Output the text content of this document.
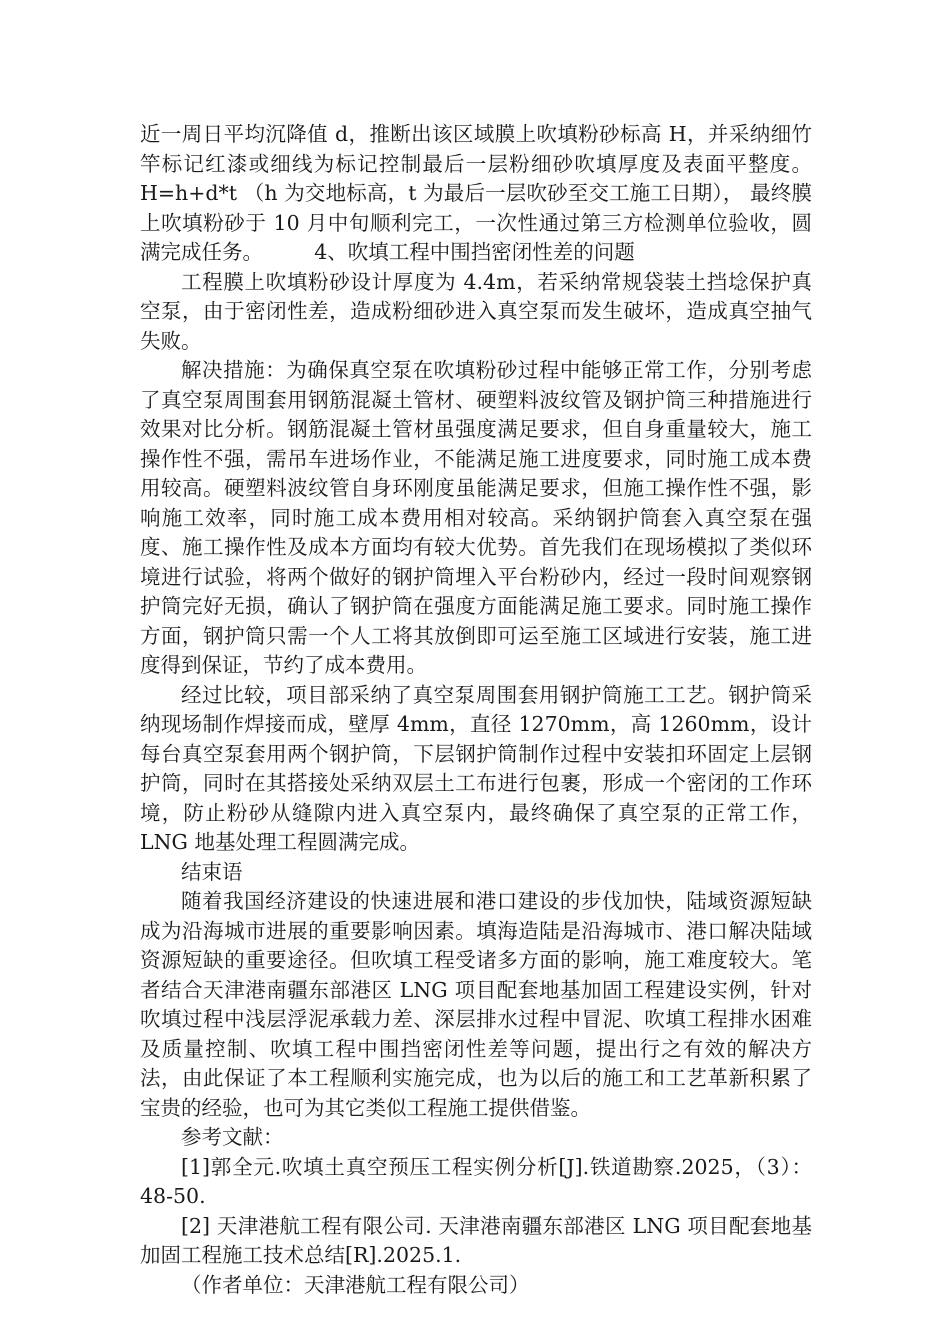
近一周日平均沉降值 d，推断出该区域膜上吹填粉砂标高 H，并采纳细竹竿标记红漆或细线为标记控制最后一层粉细砂吹填厚度及表面平整度。 H=h+d*t （h 为交地标高，t 为最后一层吹砂至交工施工日期）， 最终膜上吹填粉砂于 10 月中旬顺利完工，一次性通过第三方检测单位验收，圆满完成任务。　　　4、吹填工程中围挡密闭性差的问题

工程膜上吹填粉砂设计厚度为 4.4m，若采纳常规袋装土挡埝保护真空泵，由于密闭性差，造成粉细砂进入真空泵而发生破坏，造成真空抽气失败。

解决措施：为确保真空泵在吹填粉砂过程中能够正常工作，分别考虑了真空泵周围套用钢筋混凝土管材、硬塑料波纹管及钢护筒三种措施进行效果对比分析。钢筋混凝土管材虽强度满足要求，但自身重量较大，施工操作性不强，需吊车进场作业，不能满足施工进度要求，同时施工成本费用较高。硬塑料波纹管自身环刚度虽能满足要求，但施工操作性不强，影响施工效率，同时施工成本费用相对较高。采纳钢护筒套入真空泵在强度、施工操作性及成本方面均有较大优势。首先我们在现场模拟了类似环境进行试验，将两个做好的钢护筒埋入平台粉砂内，经过一段时间观察钢护筒完好无损，确认了钢护筒在强度方面能满足施工要求。同时施工操作方面，钢护筒只需一个人工将其放倒即可运至施工区域进行安装，施工进度得到保证，节约了成本费用。

经过比较，项目部采纳了真空泵周围套用钢护筒施工工艺。钢护筒采纳现场制作焊接而成，壁厚 4mm，直径 1270mm，高 1260mm，设计每台真空泵套用两个钢护筒，下层钢护筒制作过程中安装扣环固定上层钢护筒，同时在其搭接处采纳双层土工布进行包裹，形成一个密闭的工作环境，防止粉砂从缝隙内进入真空泵内，最终确保了真空泵的正常工作，LNG 地基处理工程圆满完成。

结束语

随着我国经济建设的快速进展和港口建设的步伐加快，陆域资源短缺成为沿海城市进展的重要影响因素。填海造陆是沿海城市、港口解决陆域资源短缺的重要途径。但吹填工程受诸多方面的影响，施工难度较大。笔者结合天津港南疆东部港区 LNG 项目配套地基加固工程建设实例，针对吹填过程中浅层浮泥承载力差、深层排水过程中冒泥、吹填工程排水困难及质量控制、吹填工程中围挡密闭性差等问题，提出行之有效的解决方法，由此保证了本工程顺利实施完成，也为以后的施工和工艺革新积累了宝贵的经验，也可为其它类似工程施工提供借鉴。

参考文献：

[1]郭全元.吹填土真空预压工程实例分析[J].铁道勘察.2025，（3）：48-50.

[2] 天津港航工程有限公司. 天津港南疆东部港区 LNG 项目配套地基加固工程施工技术总结[R].2025.1.

（作者单位：天津港航工程有限公司）
